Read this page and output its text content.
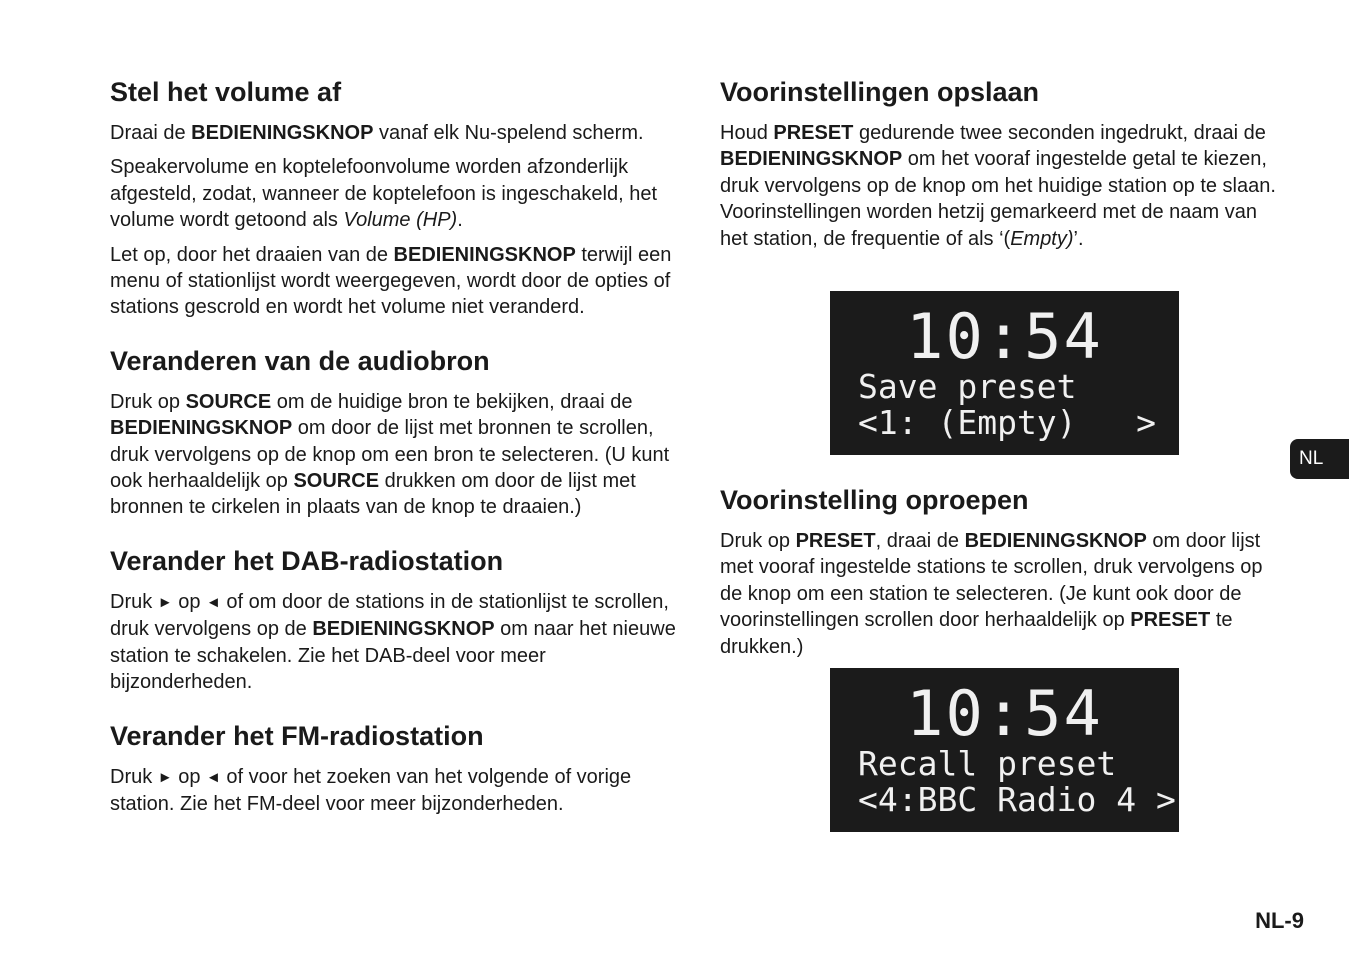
Stel het volume af

Draai de BEDIENINGSKNOP vanaf elk Nu-spelend scherm.

Speakervolume en koptelefoonvolume worden afzonderlijk afgesteld, zodat, wanneer de koptelefoon is ingeschakeld, het volume wordt getoond als Volume (HP).

Let op, door het draaien van de BEDIENINGSKNOP terwijl een menu of stationlijst wordt weergegeven, wordt door de opties of stations gescrold en wordt het volume niet veranderd.

Veranderen van de audiobron

Druk op SOURCE om de huidige bron te bekijken, draai de BEDIENINGSKNOP om door de lijst met bronnen te scrollen, druk vervolgens op de knop om een bron te selecteren. (U kunt ook herhaaldelijk op SOURCE drukken om door de lijst met bronnen te cirkelen in plaats van de knop te draaien.)

Verander het DAB-radiostation

Druk ► op ◄ of om door de stations in de stationlijst te scrollen, druk vervolgens op de BEDIENINGSKNOP om naar het nieuwe station te schakelen. Zie het DAB-deel voor meer bijzonderheden.

Verander het FM-radiostation

Druk ► op ◄ of voor het zoeken van het volgende of vorige station. Zie het FM-deel voor meer bijzonderheden.

Voorinstellingen opslaan

Houd PRESET gedurende twee seconden ingedrukt, draai de BEDIENINGSKNOP om het vooraf ingestelde getal te kiezen, druk vervolgens op de knop om het huidige station op te slaan. Voorinstellingen worden hetzij gemarkeerd met de naam van het station, de frequentie of als ‘(Empty)’.

Voorinstelling oproepen

Druk op PRESET, draai de BEDIENINGSKNOP om door lijst met vooraf ingestelde stations te scrollen, druk vervolgens op de knop om een station te selecteren. (Je kunt ook door de voorinstellingen scrollen door herhaaldelijk op PRESET te drukken.)

10:54
Save preset
<1: (Empty)   >
10:54
Recall preset
<4:BBC Radio 4 >
NL
NL-9
